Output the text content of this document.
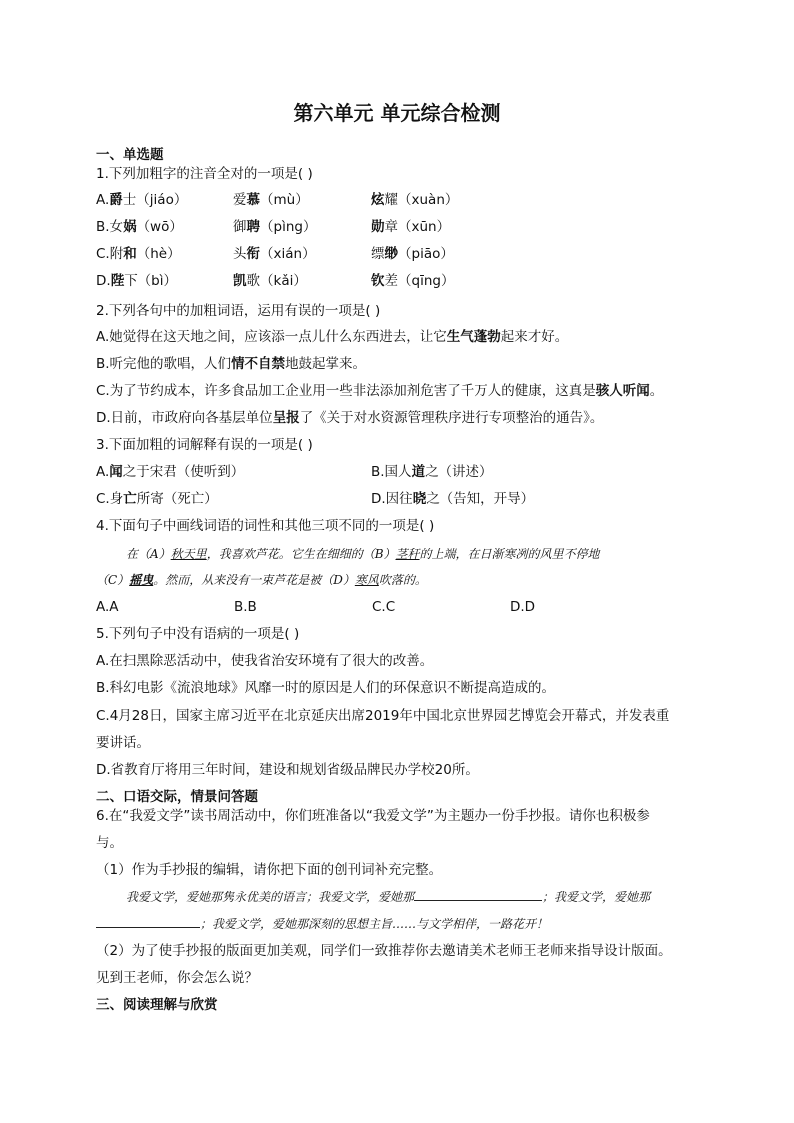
第六单元 单元综合检测
一、单选题
1.下列加粗字的注音全对的一项是( )
A.爵士（jiáo）	爱慕（mù）	炫耀（xuàn）
B.女娲（wō）	御聘（pìng）	勋章（xūn）
C.附和（hè）	头衔（xián）	缥缈（piāo）
D.陛下（bì）	凯歌（kǎi）	钦差（qīng）
2.下列各句中的加粗词语，运用有误的一项是( )
A.她觉得在这天地之间，应该添一点儿什么东西进去，让它生气蓬勃起来才好。
B.听完他的歌唱，人们情不自禁地鼓起掌来。
C.为了节约成本，许多食品加工企业用一些非法添加剂危害了千万人的健康，这真是骇人听闻。
D.日前，市政府向各基层单位呈报了《关于对水资源管理秩序进行专项整治的通告》。
3.下面加粗的词解释有误的一项是( )
A.闻之于宋君（使听到）	B.国人道之（讲述）
C.身亡所寄（死亡）	D.因往晓之（告知，开导）
4.下面句子中画线词语的词性和其他三项不同的一项是( )
在（A）秋天里，我喜欢芦花。它生在细细的（B）茎秆的上端，在日渐寒冽的风里不停地
（C）摇曳。然而，从来没有一束芦花是被（D）寒风吹落的。
A.A	B.B	C.C	D.D
5.下列句子中没有语病的一项是( )
A.在扫黑除恶活动中，使我省治安环境有了很大的改善。
B.科幻电影《流浪地球》风靡一时的原因是人们的环保意识不断提高造成的。
C.4月28日，国家主席习近平在北京延庆出席2019年中国北京世界园艺博览会开幕式，并发表重
要讲话。
D.省教育厅将用三年时间，建设和规划省级品牌民办学校20所。
二、口语交际，情景问答题
6.在“我爱文学”读书周活动中，你们班准备以“我爱文学”为主题办一份手抄报。请你也积极参
与。
（1）作为手抄报的编辑，请你把下面的创刊词补充完整。
我爱文学，爱她那隽永优美的语言；我爱文学，爱她那	；我爱文学，爱她那
；我爱文学，爱她那深刻的思想主旨……与文学相伴，一路花开！
（2）为了使手抄报的版面更加美观，同学们一致推荐你去邀请美术老师王老师来指导设计版面。
见到王老师，你会怎么说？
三、阅读理解与欣赏
